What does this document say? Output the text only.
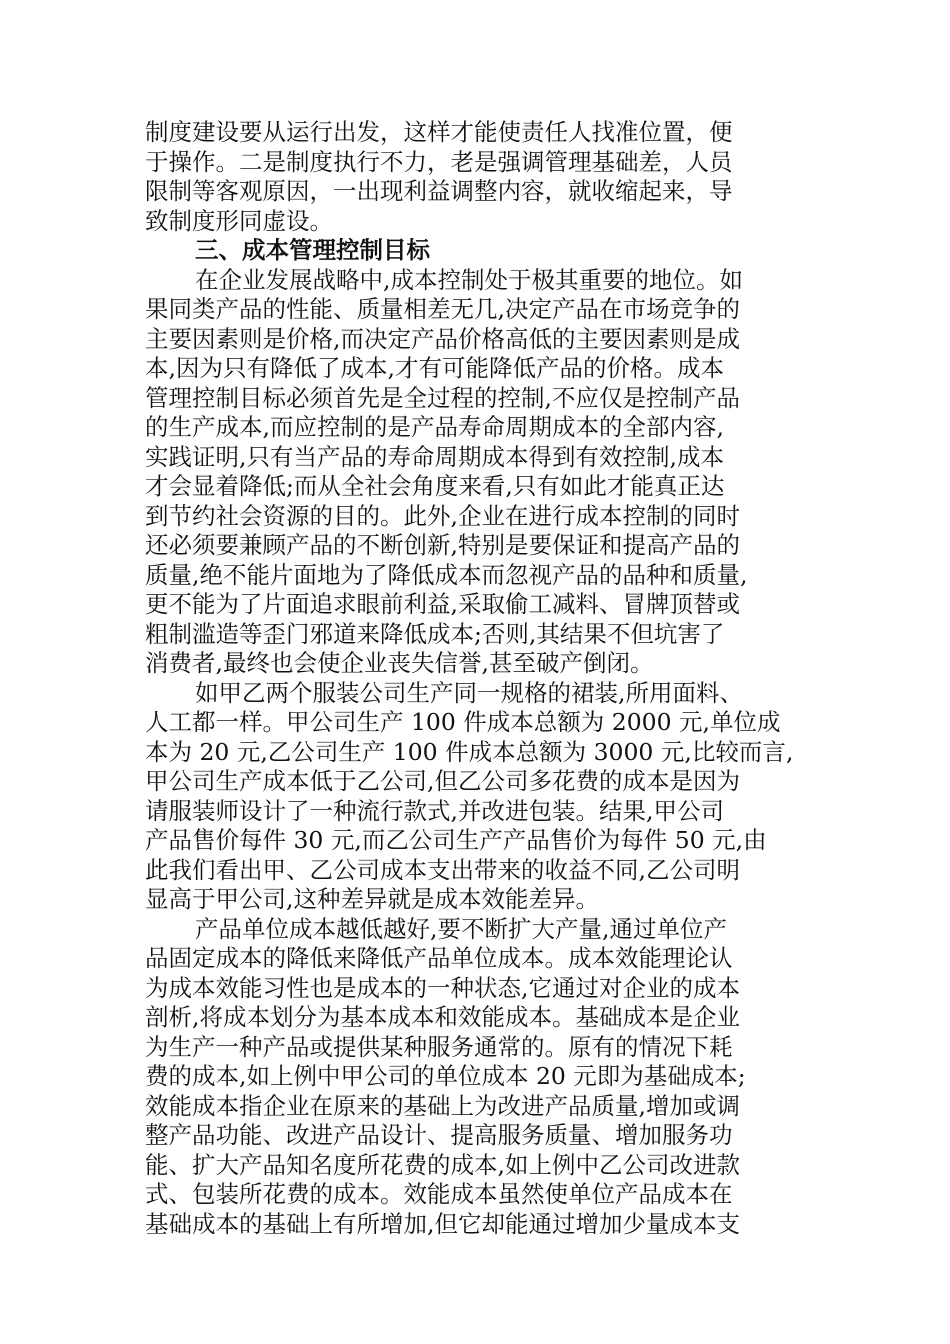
制度建设要从运行出发，这样才能使责任人找准位置，便
于操作。二是制度执行不力，老是强调管理基础差，人员
限制等客观原因，一出现利益调整内容，就收缩起来，导
致制度形同虚设。
三、成本管理控制目标
在企业发展战略中,成本控制处于极其重要的地位。如
果同类产品的性能、质量相差无几,决定产品在市场竞争的
主要因素则是价格,而决定产品价格高低的主要因素则是成
本,因为只有降低了成本,才有可能降低产品的价格。成本
管理控制目标必须首先是全过程的控制,不应仅是控制产品
的生产成本,而应控制的是产品寿命周期成本的全部内容,
实践证明,只有当产品的寿命周期成本得到有效控制,成本
才会显着降低;而从全社会角度来看,只有如此才能真正达
到节约社会资源的目的。此外,企业在进行成本控制的同时
还必须要兼顾产品的不断创新,特别是要保证和提高产品的
质量,绝不能片面地为了降低成本而忽视产品的品种和质量,
更不能为了片面追求眼前利益,采取偷工减料、冒牌顶替或
粗制滥造等歪门邪道来降低成本;否则,其结果不但坑害了
消费者,最终也会使企业丧失信誉,甚至破产倒闭。
如甲乙两个服装公司生产同一规格的裙装,所用面料、
人工都一样。甲公司生产 100 件成本总额为 2000 元,单位成
本为 20 元,乙公司生产 100 件成本总额为 3000 元,比较而言,
甲公司生产成本低于乙公司,但乙公司多花费的成本是因为
请服装师设计了一种流行款式,并改进包装。结果,甲公司
产品售价每件 30 元,而乙公司生产产品售价为每件 50 元,由
此我们看出甲、乙公司成本支出带来的收益不同,乙公司明
显高于甲公司,这种差异就是成本效能差异。
产品单位成本越低越好,要不断扩大产量,通过单位产
品固定成本的降低来降低产品单位成本。成本效能理论认
为成本效能习性也是成本的一种状态,它通过对企业的成本
剖析,将成本划分为基本成本和效能成本。基础成本是企业
为生产一种产品或提供某种服务通常的。原有的情况下耗
费的成本,如上例中甲公司的单位成本 20 元即为基础成本;
效能成本指企业在原来的基础上为改进产品质量,增加或调
整产品功能、改进产品设计、提高服务质量、增加服务功
能、扩大产品知名度所花费的成本,如上例中乙公司改进款
式、包装所花费的成本。效能成本虽然使单位产品成本在
基础成本的基础上有所增加,但它却能通过增加少量成本支
